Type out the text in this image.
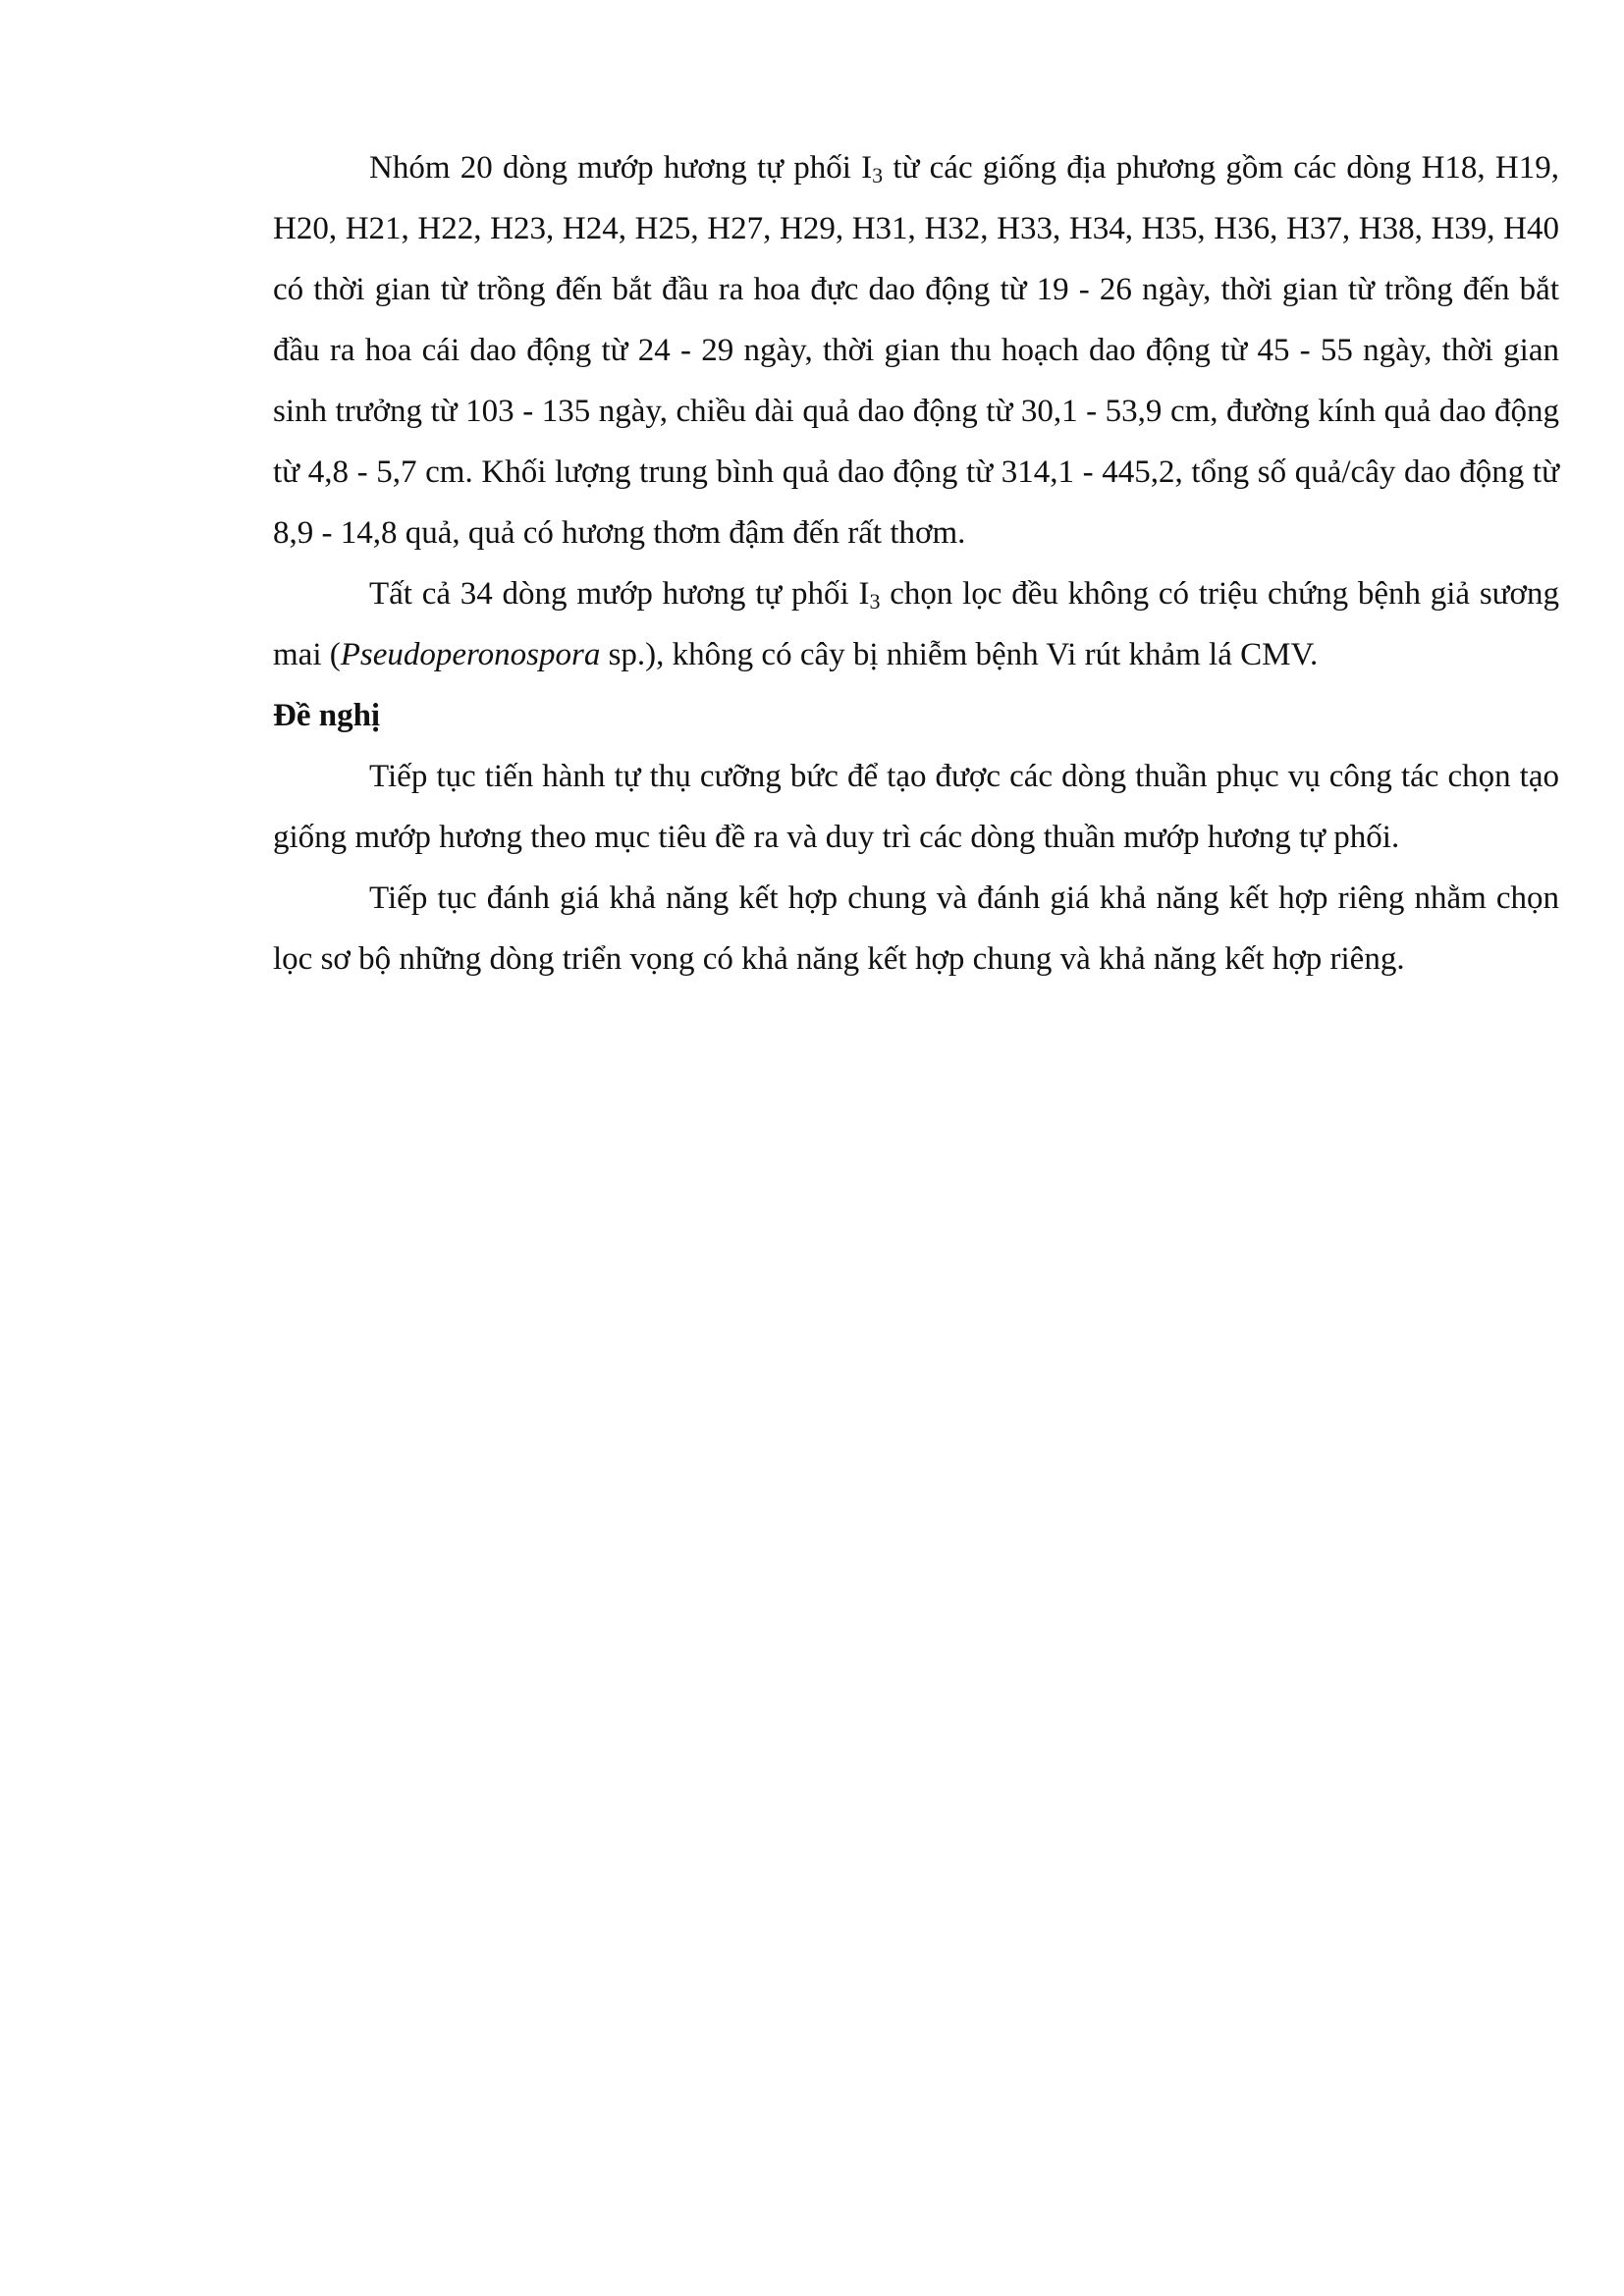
Nhóm 20 dòng mướp hương tự phối $I_3$ từ các giống địa phương gồm các dòng H18, H19, H20, H21, H22, H23, H24, H25, H27, H29, H31, H32, H33, H34, H35, H36, H37, H38, H39, H40 có thời gian từ trồng đến bắt đầu ra hoa đực dao động từ 19 - 26 ngày, thời gian từ trồng đến bắt đầu ra hoa cái dao động từ 24 - 29 ngày, thời gian thu hoạch dao động từ 45 - 55 ngày, thời gian sinh trưởng từ 103 - 135 ngày, chiều dài quả dao động từ 30,1 - 53,9 cm, đường kính quả dao động từ 4,8 - 5,7 cm. Khối lượng trung bình quả dao động từ 314,1 - 445,2, tổng số quả/cây dao động từ 8,9 - 14,8 quả, quả có hương thơm đậm đến rất thơm.

Tất cả 34 dòng mướp hương tự phối $I_3$ chọn lọc đều không có triệu chứng bệnh giả sương mai (Pseudoperonospora sp.), không có cây bị nhiễm bệnh Vi rút khảm lá CMV.

Đề nghị

Tiếp tục tiến hành tự thụ cưỡng bức để tạo được các dòng thuần phục vụ công tác chọn tạo giống mướp hương theo mục tiêu đề ra và duy trì các dòng thuần mướp hương tự phối.

Tiếp tục đánh giá khả năng kết hợp chung và đánh giá khả năng kết hợp riêng nhằm chọn lọc sơ bộ những dòng triển vọng có khả năng kết hợp chung và khả năng kết hợp riêng.
